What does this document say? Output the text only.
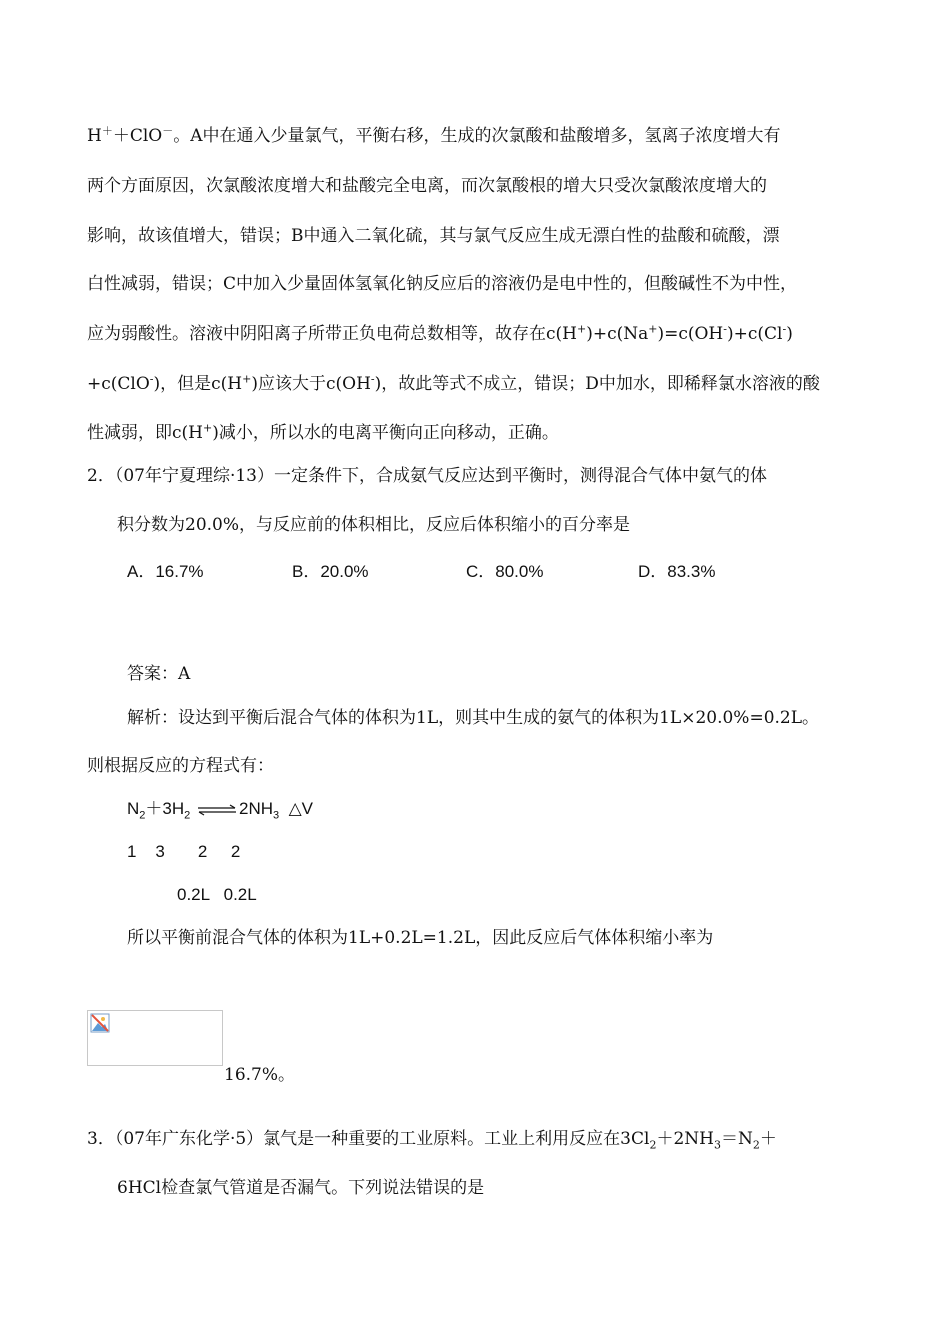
H＋＋ClO－。A中在通入少量氯气，平衡右移，生成的次氯酸和盐酸增多，氢离子浓度增大有
两个方面原因，次氯酸浓度增大和盐酸完全电离，而次氯酸根的增大只受次氯酸浓度增大的
影响，故该值增大，错误；B中通入二氧化硫，其与氯气反应生成无漂白性的盐酸和硫酸，漂
白性减弱，错误；C中加入少量固体氢氧化钠反应后的溶液仍是电中性的，但酸碱性不为中性，
应为弱酸性。溶液中阴阳离子所带正负电荷总数相等，故存在c(H+)+c(Na+)=c(OH-)+c(Cl-)
+c(ClO-)，但是c(H+)应该大于c(OH-)，故此等式不成立，错误；D中加水，即稀释氯水溶液的酸
性减弱，即c(H+)减小，所以水的电离平衡向正向移动，正确。
2．（07年宁夏理综·13）一定条件下，合成氨气反应达到平衡时，测得混合气体中氨气的体
积分数为20.0%，与反应前的体积相比，反应后体积缩小的百分率是
A．16.7%	B．20.0%	C．80.0%	D．83.3%
答案：A
解析：设达到平衡后混合气体的体积为1L，则其中生成的氨气的体积为1L×20.0%=0.2L。
则根据反应的方程式有：
$N_2+3H_2$ ⇌ $2NH_3$ △V
1    3       2     2
0.2L   0.2L
所以平衡前混合气体的体积为1L+0.2L=1.2L，因此反应后气体体积缩小率为
16.7%。
3．（07年广东化学·5）氯气是一种重要的工业原料。工业上利用反应在$3Cl_2+2NH_3=N_2+$
6HCl检查氯气管道是否漏气。下列说法错误的是
